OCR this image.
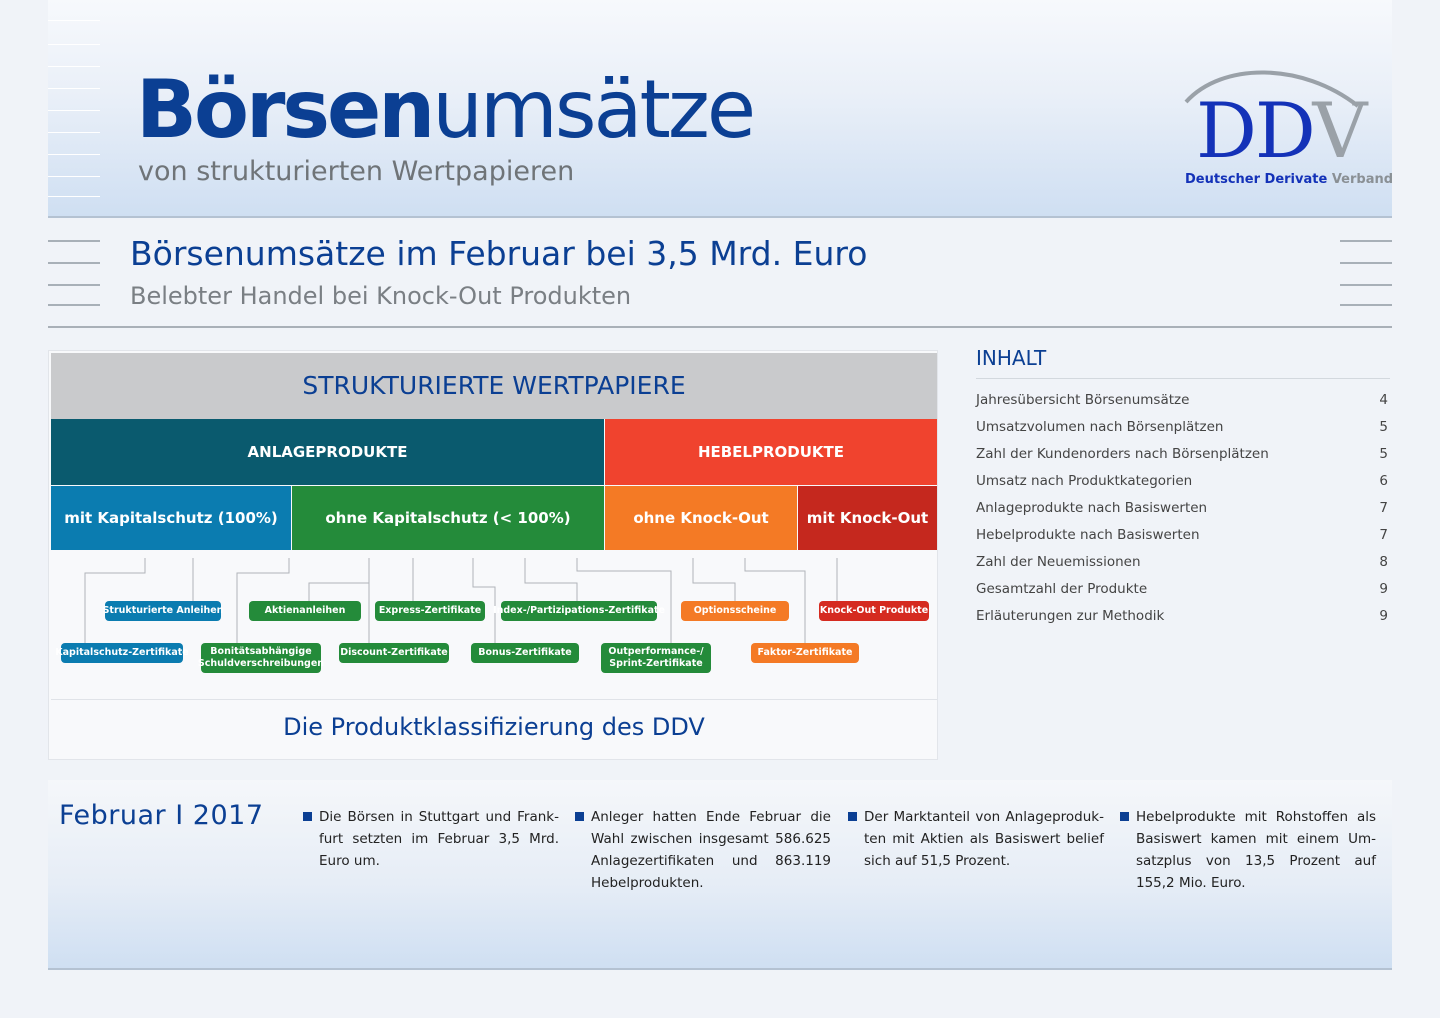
Börsenumsätze
von strukturierten Wertpapieren	DDV
Deutscher Derivate Verband
Börsenumsätze im Februar bei 3,5 Mrd. Euro
Belebter Handel bei Knock-Out Produkten
STRUKTURIERTE WERTPAPIERE
ANLAGEPRODUKTE	HEBELPRODUKTE
mit Kapitalschutz (100%)	ohne Kapitalschutz (< 100%)	ohne Knock-Out	mit Knock-Out
Strukturierte Anleihen
Kapitalschutz-Zertifikate
Aktienanleihen
Bonitätsabhängige
Schuldverschreibungen
Express-Zertifikate
Discount-Zertifikate
Index-/Partizipations-Zertifikate
Bonus-Zertifikate	Outperformance-/
Sprint-Zertifikate
Optionsscheine
Faktor-Zertifikate
Knock-Out Produkte
Die Produktklassifizierung des DDV
INHALT
Jahresübersicht Börsenumsätze	4
Umsatzvolumen nach Börsenplätzen	5
Zahl der Kundenorders nach Börsenplätzen	5
Umsatz nach Produktkategorien	6
Anlageprodukte nach Basiswerten	7
Hebelprodukte nach Basiswerten	7
Zahl der Neuemissionen	8
Gesamtzahl der Produkte	9
Erläuterungen zur Methodik	9
Februar I 2017	Die Börsen in Stuttgart und Frank-furt setzten im Februar 3,5 Mrd. Euro um.
Anleger hatten Ende Februar die Wahl zwischen insgesamt 586.625 Anlagezertifikaten und 863.119 Hebelprodukten.
Der Marktanteil von Anlageproduk-ten mit Aktien als Basiswert belief sich auf 51,5 Prozent.
Hebelprodukte mit Rohstoffen als Basiswert kamen mit einem Um-satzplus von 13,5 Prozent auf 155,2 Mio. Euro.
